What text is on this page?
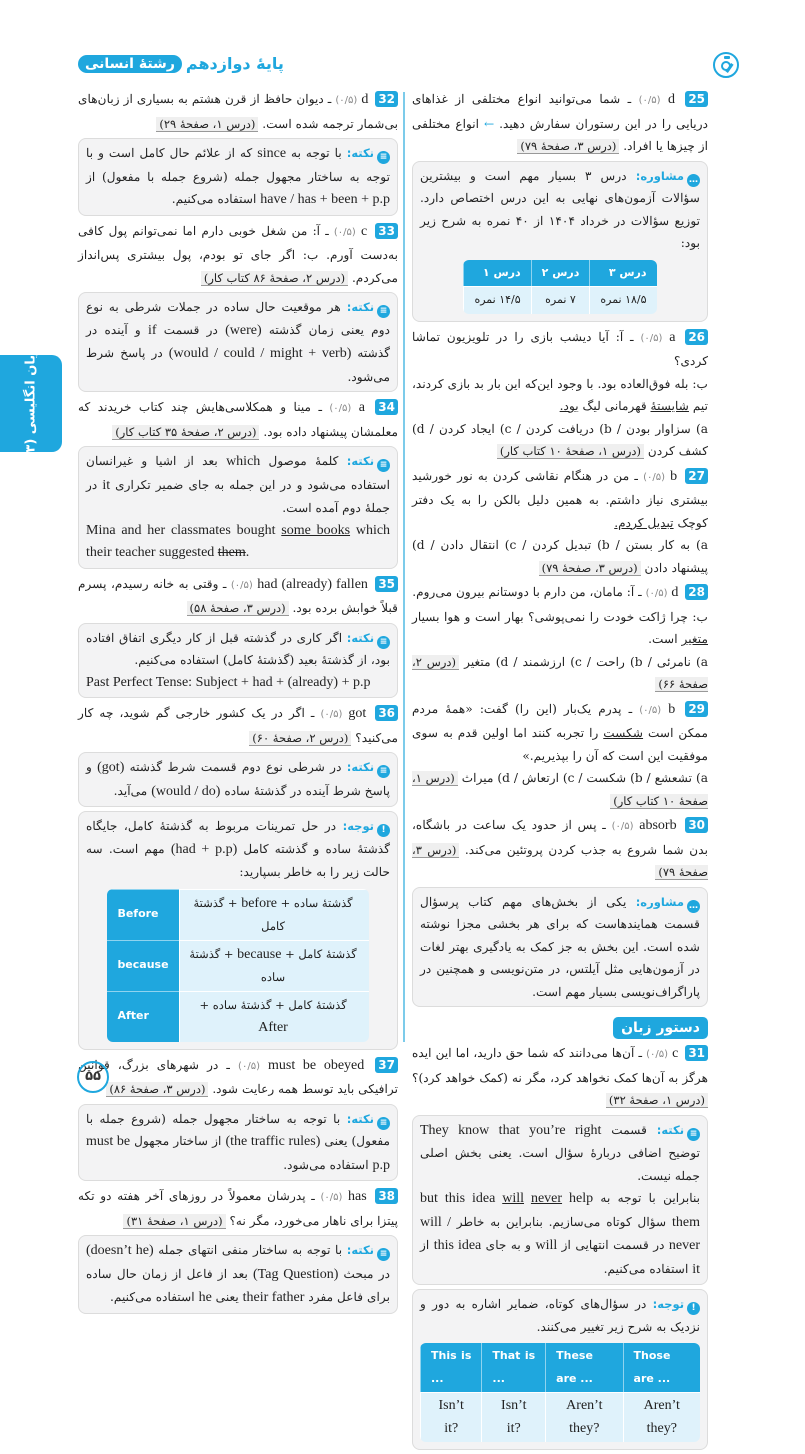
پایهٔ دوازدهم
رشتهٔ انسانی
زبان انگلیسی (۳)
25 d (۰/۵) ـ شما می‌توانید انواع مختلفی از غذاهای دریایی را در این رستوران سفارش دهید. ← انواع مختلفی از چیزها یا افراد. (درس ۳، صفحهٔ ۷۹)
…مشاوره: درس ۳ بسیار مهم است و بیشترین سؤالات آزمون‌های نهایی به این درس اختصاص دارد. توزیع سؤالات در خرداد ۱۴۰۴ از ۴۰ نمره به شرح زیر بود:
درس ۳	درس ۲	درس ۱
۱۸/۵ نمره	۷ نمره	۱۴/۵ نمره
26 a (۰/۵) ـ آ: آیا دیشب بازی را در تلویزیون تماشا کردی؟
ب: بله فوق‌العاده بود. با وجود این‌که این بار بد بازی کردند، تیم شایستهٔ قهرمانی لیگ بود.
a) سزاوار بودن / b) دریافت کردن / c) ایجاد کردن / d) کشف کردن (درس ۱، صفحهٔ ۱۰ کتاب کار)
27 b (۰/۵) ـ من در هنگام نقاشی کردن به نور خورشید بیشتری نیاز داشتم. به همین دلیل بالکن را به یک دفتر کوچک تبدیل کردم.
a) به کار بستن / b) تبدیل کردن / c) انتقال دادن / d) پیشنهاد دادن (درس ۳، صفحهٔ ۷۹)
28 d (۰/۵) ـ آ: مامان، من دارم با دوستانم بیرون می‌روم.
ب: چرا ژاکت خودت را نمی‌پوشی؟ بهار است و هوا بسیار متغیر است.
a) نامرئی / b) راحت / c) ارزشمند / d) متغیر (درس ۲، صفحهٔ ۶۶)
29 b (۰/۵) ـ پدرم یک‌بار (این را) گفت: «همهٔ مردم ممکن است شکست را تجربه کنند اما اولین قدم به سوی موفقیت این است که آن را بپذیریم.»
a) تشعشع / b) شکست / c) ارتعاش / d) میراث (درس ۱، صفحهٔ ۱۰ کتاب کار)
30 absorb (۰/۵) ـ پس از حدود یک ساعت در باشگاه، بدن شما شروع به جذب کردن پروتئین می‌کند. (درس ۳، صفحهٔ ۷۹)
…مشاوره: یکی از بخش‌های مهم کتاب پرسؤال قسمت همایندهاست که برای هر بخشی مجزا نوشته شده است. این بخش به جز کمک به یادگیری بهتر لغات در آزمون‌هایی مثل آیلتس، در متن‌نویسی و همچنین در پاراگراف‌نویسی بسیار مهم است.
دستور زبان
31 c (۰/۵) ـ آن‌ها می‌دانند که شما حق دارید، اما این ایده هرگز به آن‌ها کمک نخواهد کرد، مگر نه (کمک خواهد کرد)؟ (درس ۱، صفحهٔ ۳۲)
≡نکته: قسمت They know that you’re right توضیح اضافی دربارهٔ سؤال است. یعنی بخش اصلی جمله نیست.
بنابراین با توجه به but this idea will never help them سؤال کوتاه می‌سازیم. بنابراین به خاطر will / never در قسمت انتهایی از will و به جای this idea از it استفاده می‌کنیم.
!توجه: در سؤال‌های کوتاه، ضمایر اشاره به دور و نزدیک به شرح زیر تغییر می‌کنند.
This is ...	That is ...	These are ...	Those are ...
Isn’t it?	Isn’t it?	Aren’t they?	Aren’t they?
32 d (۰/۵) ـ دیوان حافظ از قرن هشتم به بسیاری از زبان‌های بی‌شمار ترجمه شده است. (درس ۱، صفحهٔ ۲۹)
≡نکته: با توجه به since که از علائم حال کامل است و با توجه به ساختار مجهول جمله (شروع جمله با مفعول) از have / has + been + p.p استفاده می‌کنیم.
33 c (۰/۵) ـ آ: من شغل خوبی دارم اما نمی‌توانم پول کافی به‌دست آورم. ب: اگر جای تو بودم، پول بیشتری پس‌انداز می‌کردم. (درس ۲، صفحهٔ ۸۶ کتاب کار)
≡نکته: هر موقعیت حال ساده در جملات شرطی به نوع دوم یعنی زمان گذشته (were) در قسمت if و آینده در گذشته (would / could / might + verb) در پاسخ شرط می‌شود.
34 a (۰/۵) ـ مینا و همکلاسی‌هایش چند کتاب خریدند که معلمشان پیشنهاد داده بود. (درس ۲، صفحهٔ ۳۵ کتاب کار)
≡نکته: کلمهٔ موصول which بعد از اشیا و غیرانسان استفاده می‌شود و در این جمله به جای ضمیر تکراری it در جملهٔ دوم آمده است.
Mina and her classmates bought some books which their teacher suggested them.
35 had (already) fallen (۰/۵) ـ وقتی به خانه رسیدم، پسرم قبلاً خوابش برده بود. (درس ۳، صفحهٔ ۵۸)
≡نکته: اگر کاری در گذشته قبل از کار دیگری اتفاق افتاده بود، از گذشتهٔ بعید (گذشتهٔ کامل) استفاده می‌کنیم.
Past Perfect Tense: Subject + had + (already) + p.p
36 got (۰/۵) ـ اگر در یک کشور خارجی گم شوید، چه کار می‌کنید؟ (درس ۲، صفحهٔ ۶۰)
≡نکته: در شرطی نوع دوم قسمت شرط گذشته (got) و پاسخ شرط آینده در گذشتهٔ ساده (would / do) می‌آید.
!توجه: در حل تمرینات مربوط به گذشتهٔ کامل، جایگاه گذشتهٔ ساده و گذشته کامل (had + p.p) مهم است. سه حالت زیر را به خاطر بسپارید:
Before	گذشتهٔ ساده + before + گذشتهٔ کامل
because	گذشتهٔ کامل + because + گذشتهٔ ساده
After	گذشتهٔ کامل + گذشتهٔ ساده + After
37 must be obeyed (۰/۵) ـ در شهرهای بزرگ، قوانین ترافیکی باید توسط همه رعایت شود. (درس ۳، صفحهٔ ۸۶)
≡نکته: با توجه به ساختار مجهول جمله (شروع جمله با مفعول) یعنی (the traffic rules) از ساختار مجهول must be p.p استفاده می‌شود.
38 has (۰/۵) ـ پدرشان معمولاً در روزهای آخر هفته دو تکه پیتزا برای ناهار می‌خورد، مگر نه؟ (درس ۱، صفحهٔ ۳۱)
≡نکته: با توجه به ساختار منفی انتهای جمله (doesn’t he) در مبحث (Tag Question) بعد از فاعل از زمان حال ساده برای فاعل مفرد their father یعنی he استفاده می‌کنیم.
۵۵
